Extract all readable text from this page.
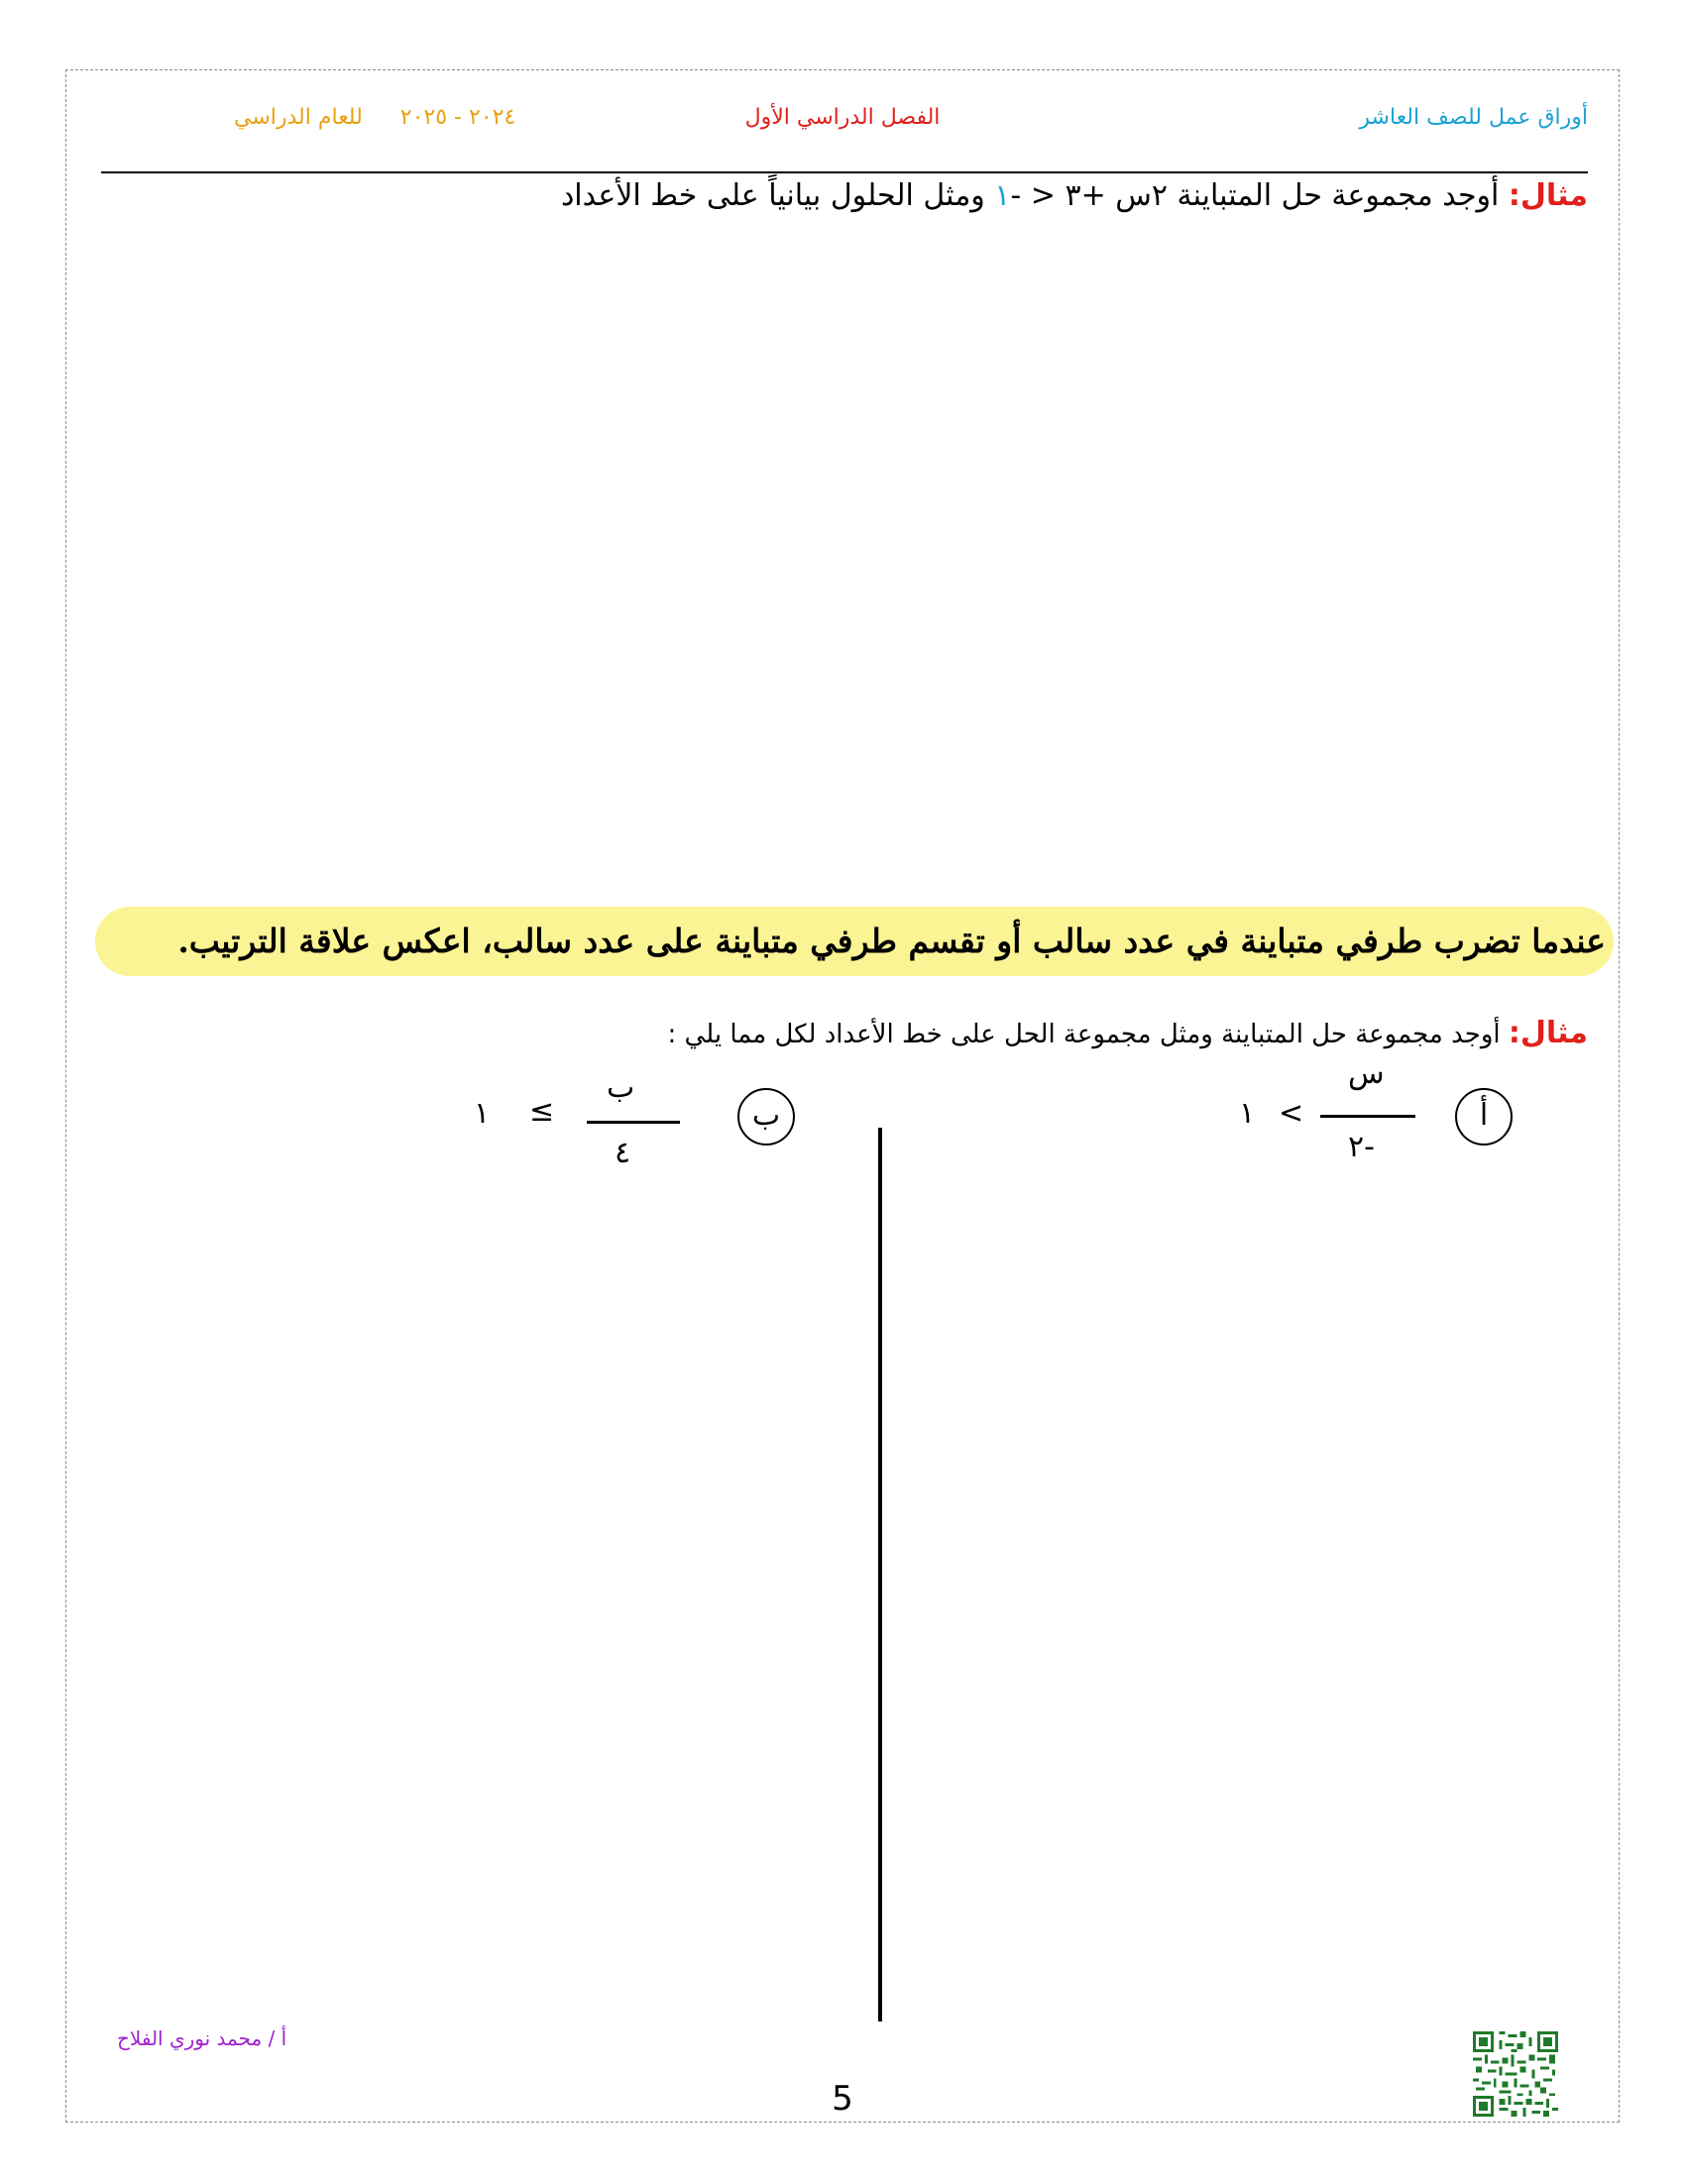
أوراق عمل للصف العاشر
الفصل الدراسي الأول
٢٠٢٤ - ٢٠٢٥للعام الدراسي
مثال: أوجد مجموعة حل المتباينة ٢س +٣ < -١ ومثل الحلول بيانياً على خط الأعداد
عندما تضرب طرفي متباينة في عدد سالب أو تقسم طرفي متباينة على عدد سالب، اعكس علاقة الترتيب.
مثال: أوجد مجموعة حل المتباينة ومثل مجموعة الحل على خط الأعداد لكل مما يلي :
أ
س
٢-
<
١
ب
ب
٤
≤
١
أ / محمد نوري الفلاح
5
